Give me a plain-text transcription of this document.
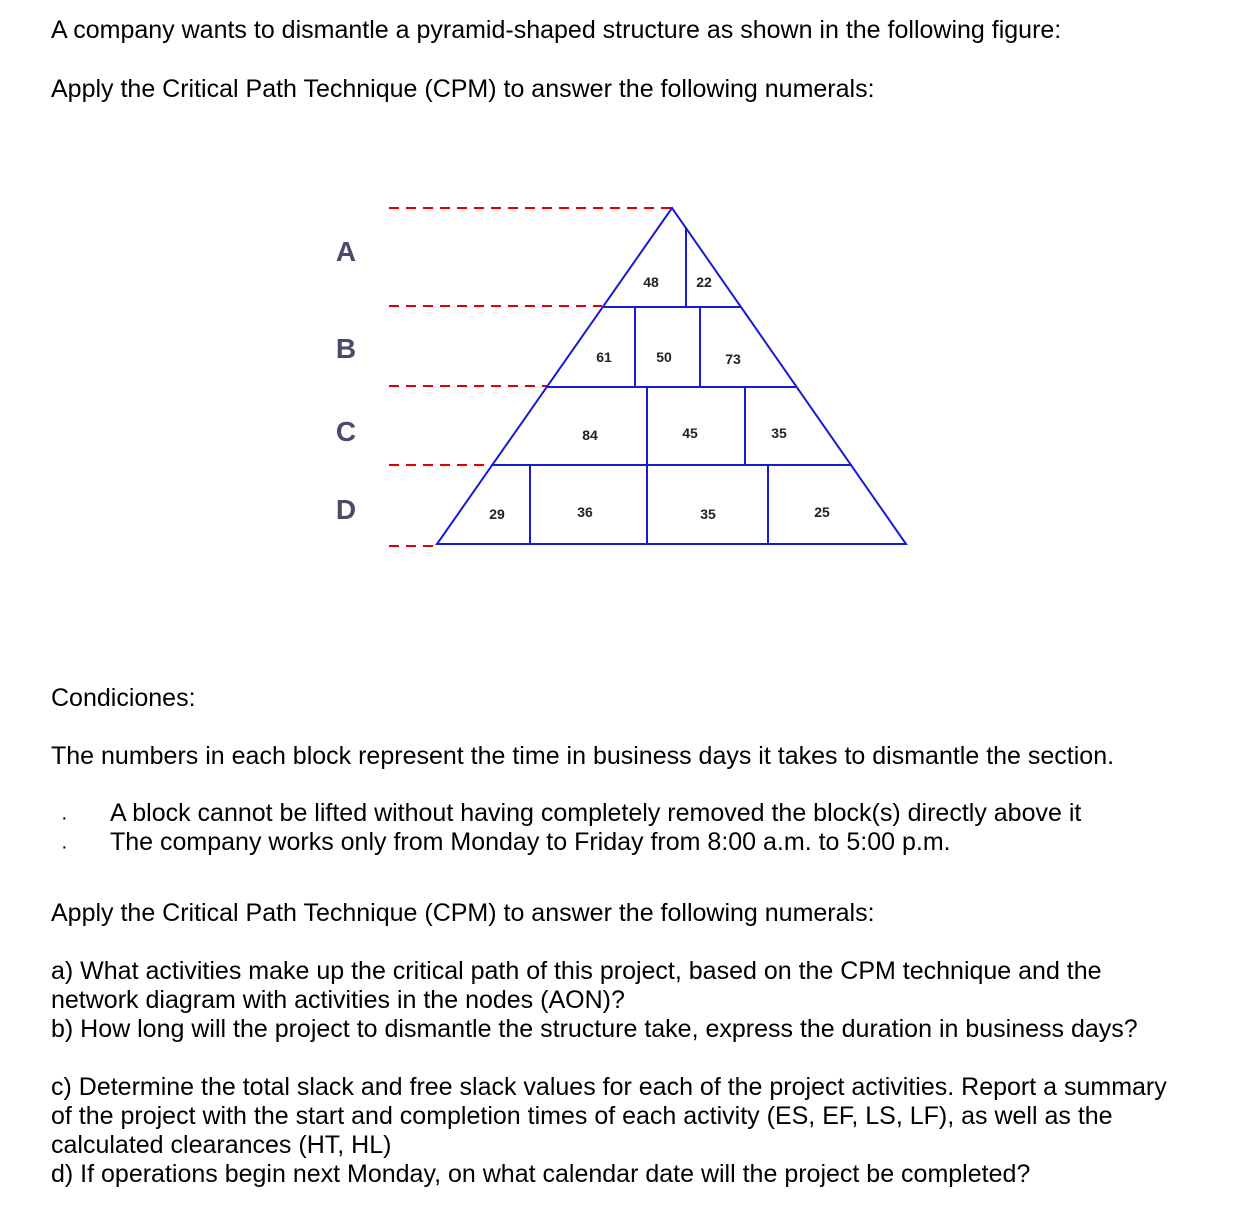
A company wants to dismantle a pyramid-shaped structure as shown in the following figure:

Apply the Critical Path Technique (CPM) to answer the following numerals:

A
B
C
D
48	22
61	50	73
84	45	35
29	36	35	25

Condiciones:

The numbers in each block represent the time in business days it takes to dismantle the section.

· A block cannot be lifted without having completely removed the block(s) directly above it

· The company works only from Monday to Friday from 8:00 a.m. to 5:00 p.m.

Apply the Critical Path Technique (CPM) to answer the following numerals:

a) What activities make up the critical path of this project, based on the CPM technique and the network diagram with activities in the nodes (AON)?

b) How long will the project to dismantle the structure take, express the duration in business days?

c) Determine the total slack and free slack values for each of the project activities. Report a summary of the project with the start and completion times of each activity (ES, EF, LS, LF), as well as the calculated clearances (HT, HL)

d) If operations begin next Monday, on what calendar date will the project be completed?
